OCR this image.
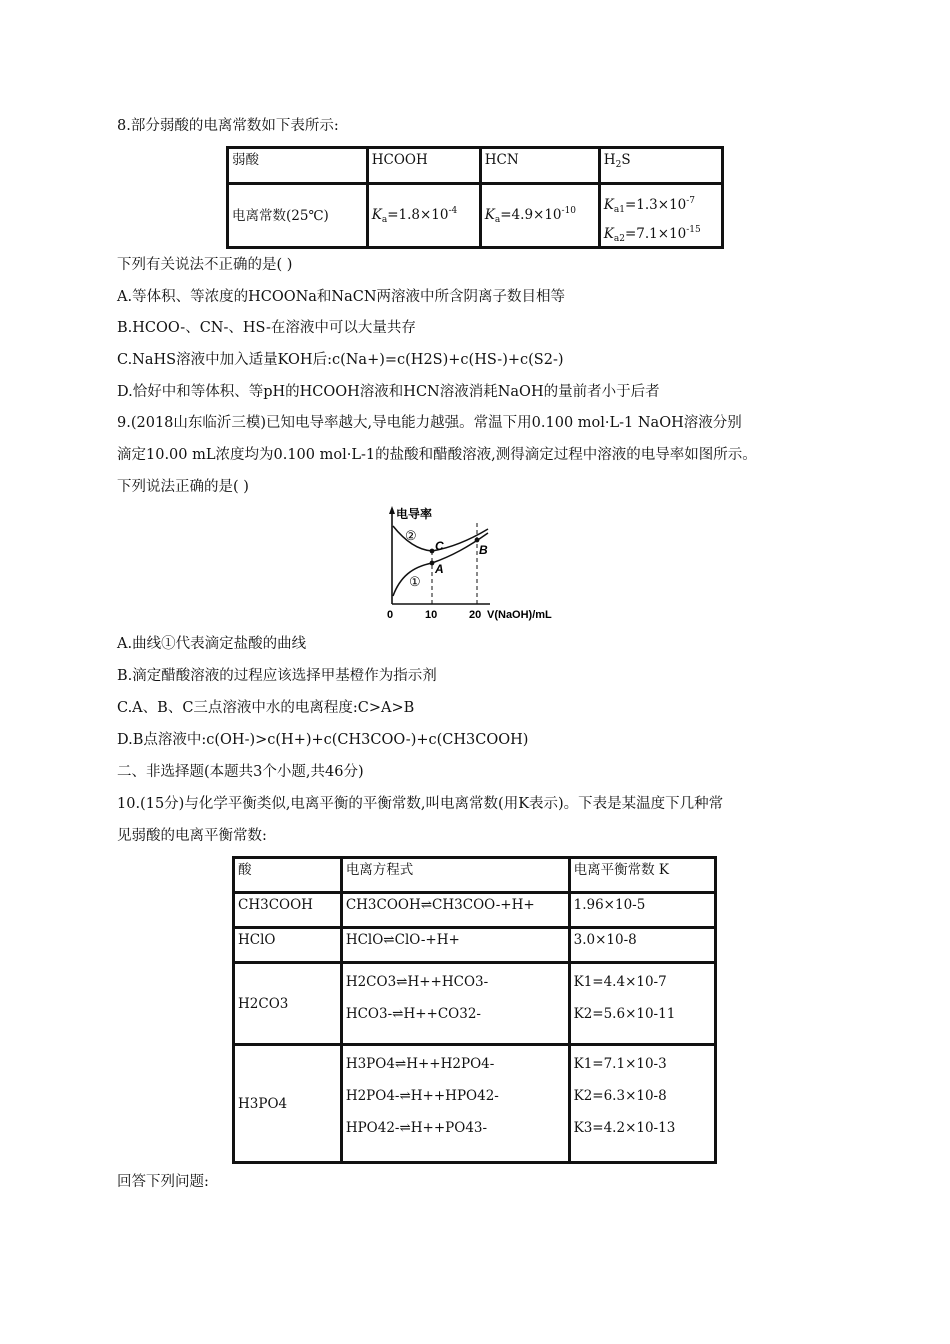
8.部分弱酸的电离常数如下表所示:
弱酸	HCOOH	HCN	$H_2S$
电离常数(25℃)	$K_a=1.8\times 10^{-4}$	$K_a=4.9\times 10^{-10}$	$K_{a1}=1.3\times 10^{-7}$
$K_{a2}=7.1\times 10^{-15}$
下列有关说法不正确的是( )
A.等体积、等浓度的HCOONa和NaCN两溶液中所含阴离子数目相等
B.HCOO-、CN-、HS-在溶液中可以大量共存
C.NaHS溶液中加入适量KOH后:c(Na+)=c(H2S)+c(HS-)+c(S2-)
D.恰好中和等体积、等pH的HCOOH溶液和HCN溶液消耗NaOH的量前者小于后者
9.(2018山东临沂三模)已知电导率越大,导电能力越强。常温下用0.100 mol·L-1 NaOH溶液分别
滴定10.00 mL浓度均为0.100 mol·L-1的盐酸和醋酸溶液,测得滴定过程中溶液的电导率如图所示。
下列说法正确的是( )
电导率
②
①
C
A
B
0	10	20 V(NaOH)/mL
A.曲线①代表滴定盐酸的曲线
B.滴定醋酸溶液的过程应该选择甲基橙作为指示剂
C.A、B、C三点溶液中水的电离程度:C>A>B
D.B点溶液中:c(OH-)>c(H+)+c(CH3COO-)+c(CH3COOH)
二、非选择题(本题共3个小题,共46分)
10.(15分)与化学平衡类似,电离平衡的平衡常数,叫电离常数(用K表示)。下表是某温度下几种常
见弱酸的电离平衡常数:
酸	电离方程式	电离平衡常数 K
CH3COOH	CH3COOH⇌CH3COO-+H+	1.96×10-5
HClO	HClO⇌ClO-+H+	3.0×10-8
H2CO3	H2CO3⇌H++HCO3-
HCO3-⇌H++CO32-	K1=4.4×10-7
K2=5.6×10-11

H3PO4	H3PO4⇌H++H2PO4-
H2PO4-⇌H++HPO42-
HPO42-⇌H++PO43-	K1=7.1×10-3
K2=6.3×10-8
K3=4.2×10-13
回答下列问题:
